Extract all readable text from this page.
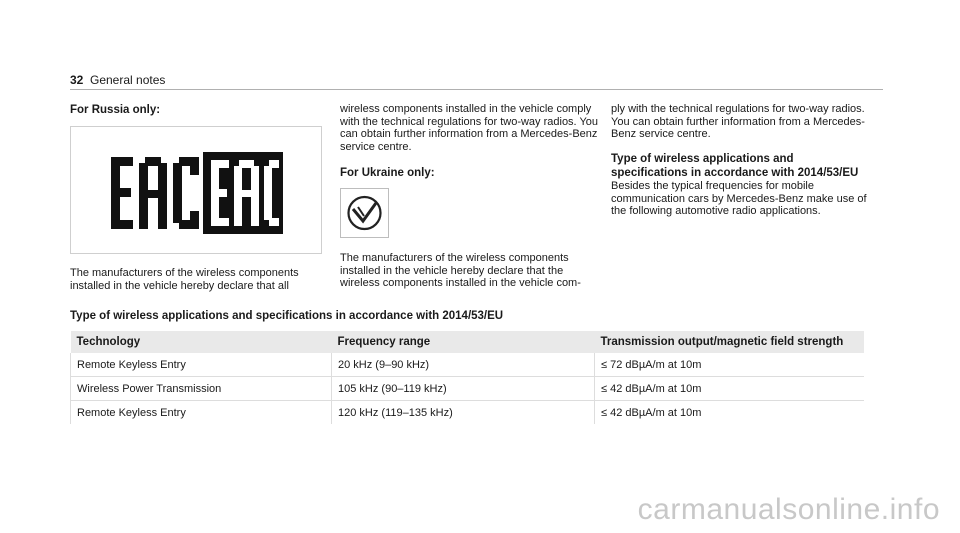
32 General notes
For Russia only:

The manufacturers of the wireless components installed in the vehicle hereby declare that all

wireless components installed in the vehicle comply with the technical regulations for two-way radios. You can obtain further information from a Mercedes-Benz service centre.

For Ukraine only:

The manufacturers of the wireless components installed in the vehicle hereby declare that the wireless components installed in the vehicle com-

ply with the technical regulations for two-way radios. You can obtain further information from a Mercedes-Benz service centre.

Type of wireless applications and specifications in accordance with 2014/53/EU

Besides the typical frequencies for mobile communication cars by Mercedes-Benz make use of the following automotive radio applications.

Type of wireless applications and specifications in accordance with 2014/53/EU
Technology	Frequency range	Transmission output/magnetic field strength
Remote Keyless Entry	20 kHz (9–90 kHz)	≤ 72 dBµA/m at 10m
Wireless Power Transmission	105 kHz (90–119 kHz)	≤ 42 dBµA/m at 10m
Remote Keyless Entry	120 kHz (119–135 kHz)	≤ 42 dBµA/m at 10m
carmanualsonline.info
